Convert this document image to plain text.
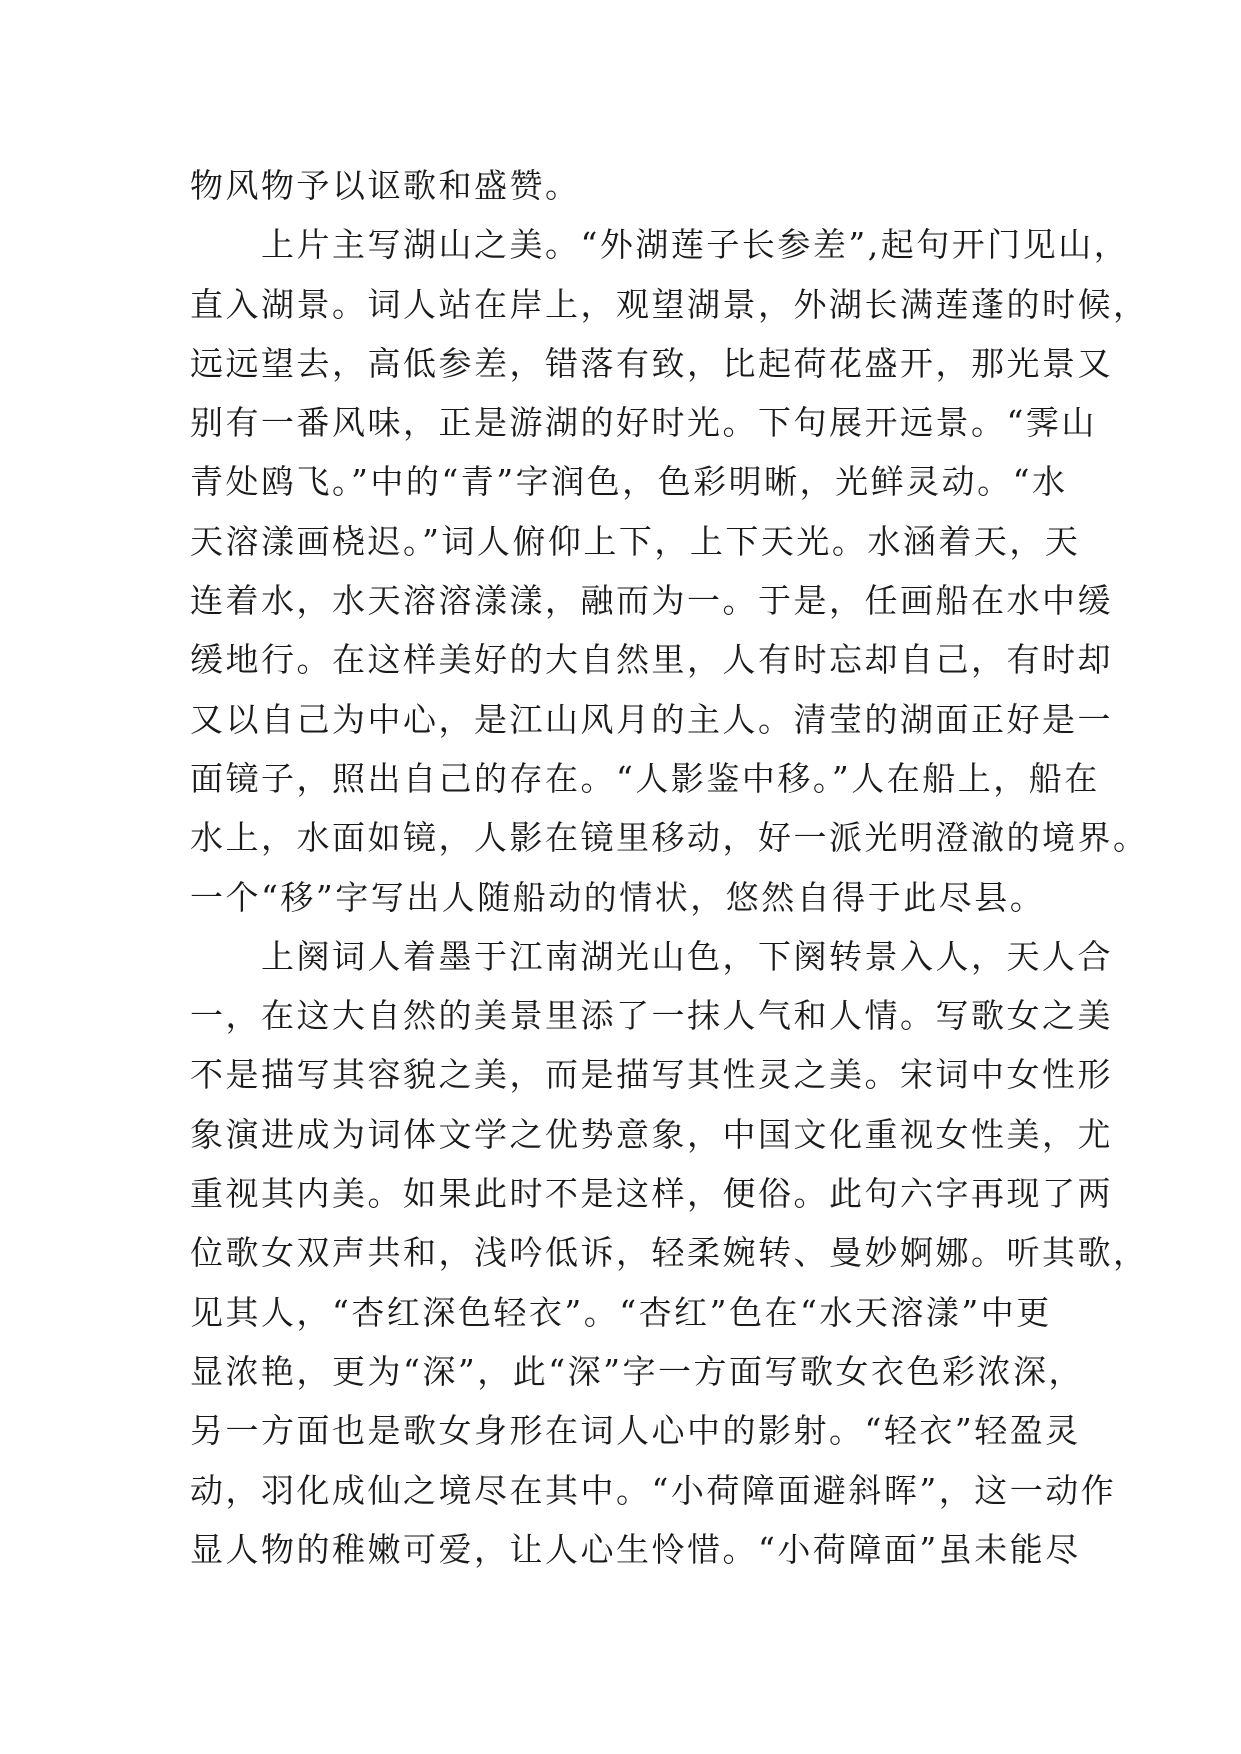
物风物予以讴歌和盛赞。
　　上片主写湖山之美。“外湖莲子长参差”,起句开门见山，
直入湖景。词人站在岸上，观望湖景，外湖长满莲蓬的时候，
远远望去，高低参差，错落有致，比起荷花盛开，那光景又
别有一番风味，正是游湖的好时光。下句展开远景。“霁山
青处鸥飞。”中的“青”字润色，色彩明晰，光鲜灵动。“水
天溶漾画桡迟。”词人俯仰上下，上下天光。水涵着天，天
连着水，水天溶溶漾漾，融而为一。于是，任画船在水中缓
缓地行。在这样美好的大自然里，人有时忘却自己，有时却
又以自己为中心，是江山风月的主人。清莹的湖面正好是一
面镜子，照出自己的存在。“人影鉴中移。”人在船上，船在
水上，水面如镜，人影在镜里移动，好一派光明澄澈的境界。
一个“移”字写出人随船动的情状，悠然自得于此尽县。
　　上阕词人着墨于江南湖光山色，下阕转景入人，天人合
一，在这大自然的美景里添了一抹人气和人情。写歌女之美
不是描写其容貌之美，而是描写其性灵之美。宋词中女性形
象演进成为词体文学之优势意象，中国文化重视女性美，尤
重视其内美。如果此时不是这样，便俗。此句六字再现了两
位歌女双声共和，浅吟低诉，轻柔婉转、曼妙婀娜。听其歌，
见其人，“杏红深色轻衣”。“杏红”色在“水天溶漾”中更
显浓艳，更为“深”，此“深”字一方面写歌女衣色彩浓深，
另一方面也是歌女身形在词人心中的影射。“轻衣”轻盈灵
动，羽化成仙之境尽在其中。“小荷障面避斜晖”，这一动作
显人物的稚嫩可爱，让人心生怜惜。“小荷障面”虽未能尽
